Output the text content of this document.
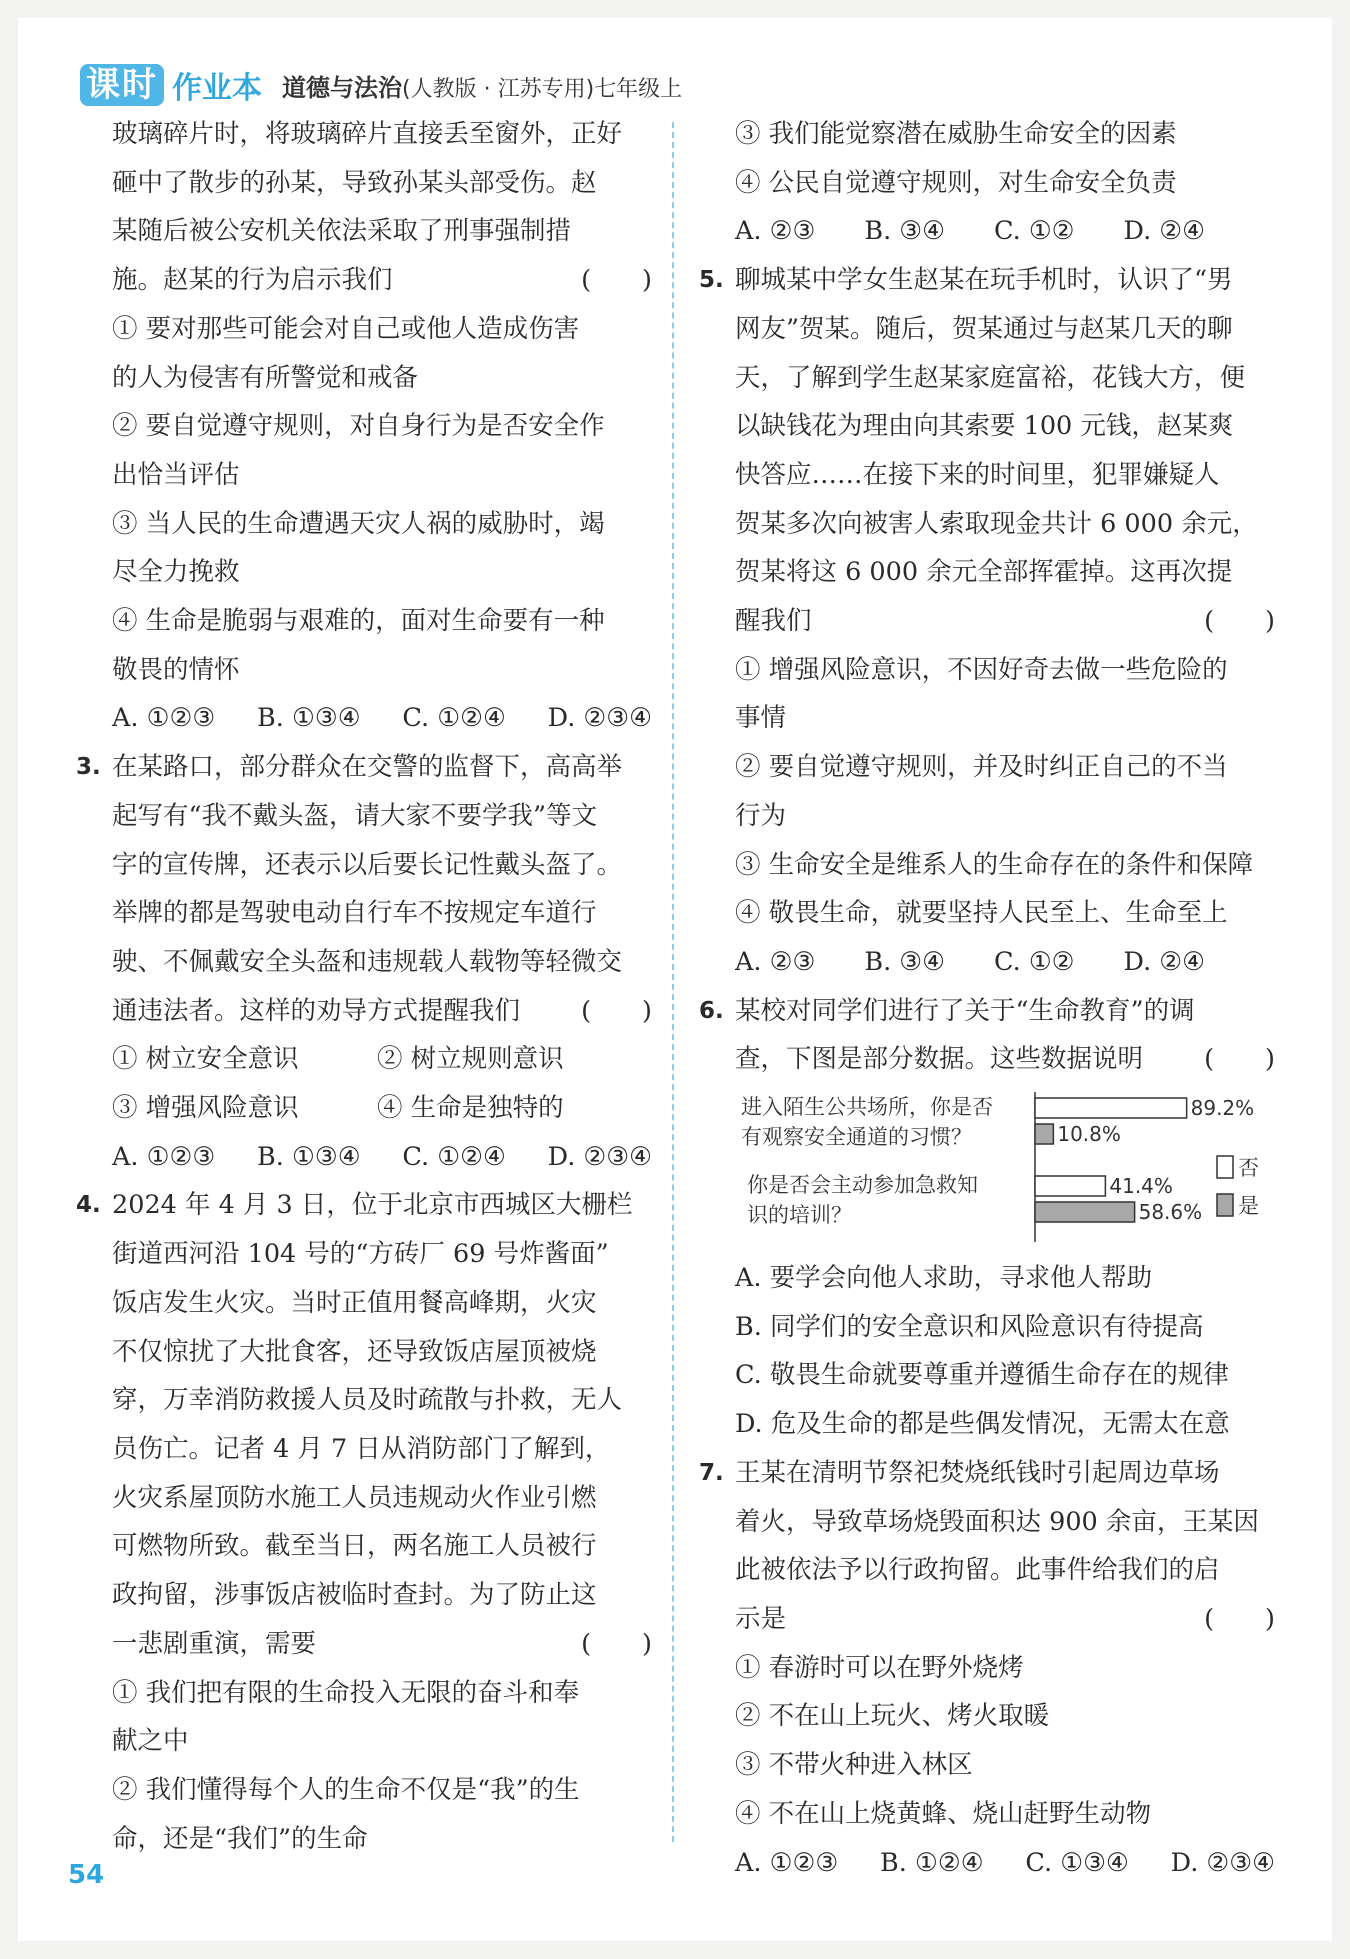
课时 作业本 道德与法治(人教版 · 江苏专用)七年级上
玻璃碎片时，将玻璃碎片直接丢至窗外，正好
砸中了散步的孙某，导致孙某头部受伤。赵
某随后被公安机关依法采取了刑事强制措
施。赵某的行为启示我们	(　　)
① 要对那些可能会对自己或他人造成伤害
的人为侵害有所警觉和戒备
② 要自觉遵守规则，对自身行为是否安全作
出恰当评估
③ 当人民的生命遭遇天灾人祸的威胁时，竭
尽全力挽救
④ 生命是脆弱与艰难的，面对生命要有一种
敬畏的情怀
A. ①②③ B. ①③④ C. ①②④ D. ②③④
3. 在某路口，部分群众在交警的监督下，高高举
起写有“我不戴头盔，请大家不要学我”等文
字的宣传牌，还表示以后要长记性戴头盔了。
举牌的都是驾驶电动自行车不按规定车道行
驶、不佩戴安全头盔和违规载人载物等轻微交
通违法者。这样的劝导方式提醒我们 (　　)
① 树立安全意识	② 树立规则意识
③ 增强风险意识	④ 生命是独特的
A. ①②③ B. ①③④ C. ①②④ D. ②③④
4. 2024 年 4 月 3 日，位于北京市西城区大栅栏
街道西河沿 104 号的“方砖厂 69 号炸酱面”
饭店发生火灾。当时正值用餐高峰期，火灾
不仅惊扰了大批食客，还导致饭店屋顶被烧
穿，万幸消防救援人员及时疏散与扑救，无人
员伤亡。记者 4 月 7 日从消防部门了解到，
火灾系屋顶防水施工人员违规动火作业引燃
可燃物所致。截至当日，两名施工人员被行
政拘留，涉事饭店被临时查封。为了防止这
一悲剧重演，需要	(　　)
① 我们把有限的生命投入无限的奋斗和奉
献之中
② 我们懂得每个人的生命不仅是“我”的生
命，还是“我们”的生命
③ 我们能觉察潜在威胁生命安全的因素
④ 公民自觉遵守规则，对生命安全负责
A. ②③ B. ③④ C. ①② D. ②④
5. 聊城某中学女生赵某在玩手机时，认识了“男
网友”贺某。随后，贺某通过与赵某几天的聊
天，了解到学生赵某家庭富裕，花钱大方，便
以缺钱花为理由向其索要 100 元钱，赵某爽
快答应……在接下来的时间里，犯罪嫌疑人
贺某多次向被害人索取现金共计 6 000 余元，
贺某将这 6 000 余元全部挥霍掉。这再次提
醒我们	(　　)
① 增强风险意识，不因好奇去做一些危险的
事情
② 要自觉遵守规则，并及时纠正自己的不当
行为
③ 生命安全是维系人的生命存在的条件和保障
④ 敬畏生命，就要坚持人民至上、生命至上
A. ②③ B. ③④ C. ①② D. ②④
6. 某校对同学们进行了关于“生命教育”的调
查，下图是部分数据。这些数据说明 (　　)
进入陌生公共场所，你是否
有观察安全通道的习惯？
你是否会主动参加急救知
识的培训？
89.2%
10.8%
41.4%
58.6%
否
是
A. 要学会向他人求助，寻求他人帮助
B. 同学们的安全意识和风险意识有待提高
C. 敬畏生命就要尊重并遵循生命存在的规律
D. 危及生命的都是些偶发情况，无需太在意
7. 王某在清明节祭祀焚烧纸钱时引起周边草场
着火，导致草场烧毁面积达 900 余亩，王某因
此被依法予以行政拘留。此事件给我们的启
示是	(　　)
① 春游时可以在野外烧烤
② 不在山上玩火、烤火取暖
③ 不带火种进入林区
④ 不在山上烧黄蜂、烧山赶野生动物
A. ①②③ B. ①②④ C. ①③④ D. ②③④
54
